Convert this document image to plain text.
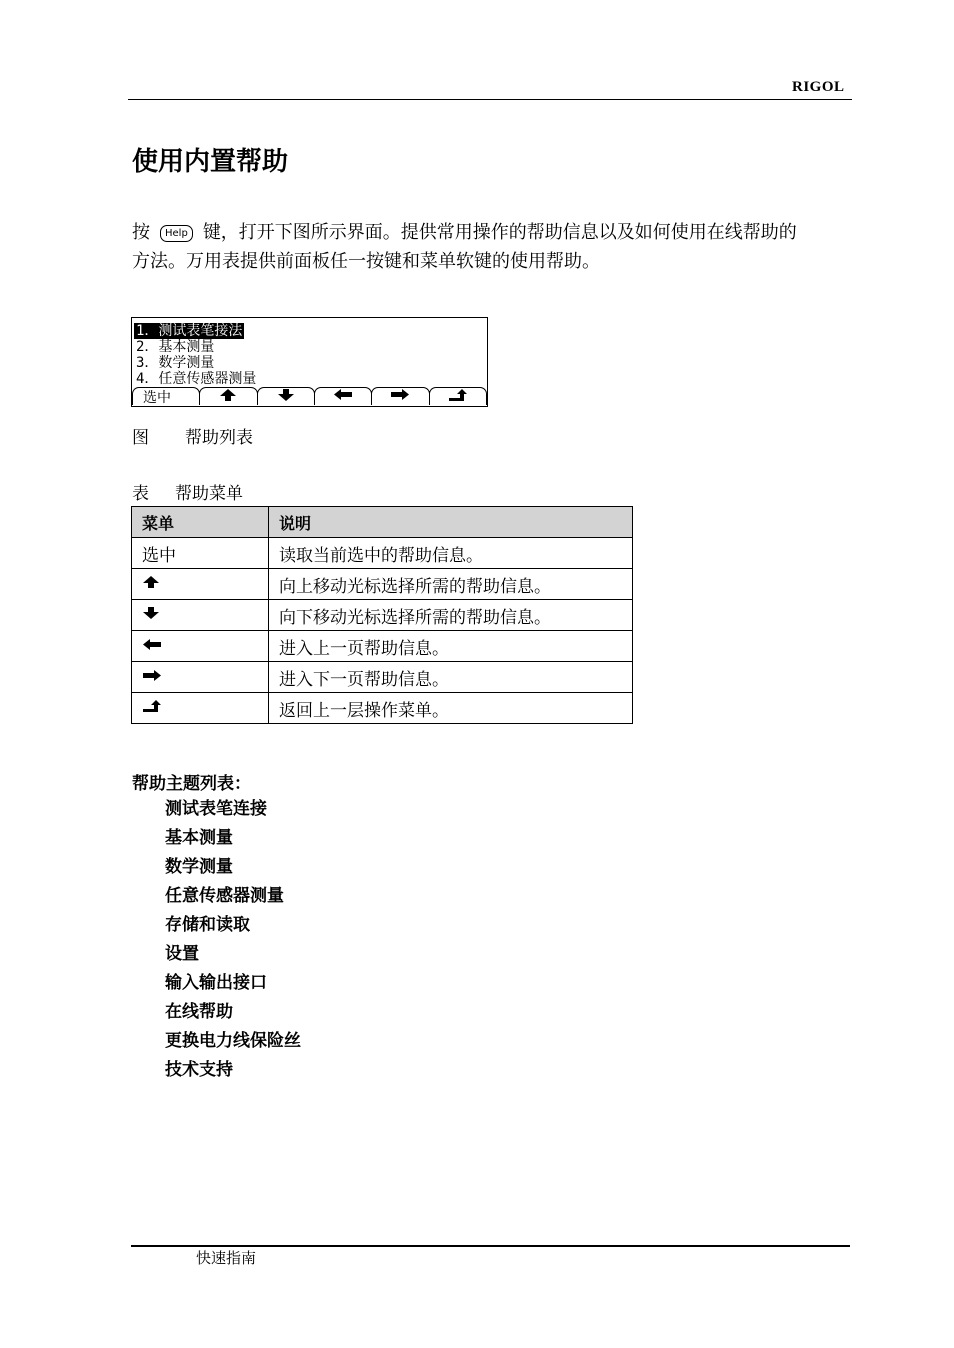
RIGOL
使用内置帮助
按 Help 键，打开下图所示界面。提供常用操作的帮助信息以及如何使用在线帮助的
方法。万用表提供前面板任一按键和菜单软键的使用帮助。
1．测试表笔接法

2．基本测量
3．数学测量
4．任意传感器测量
选中
图 帮助列表
表 帮助菜单
菜单	说明
选中	读取当前选中的帮助信息。
	向上移动光标选择所需的帮助信息。
	向下移动光标选择所需的帮助信息。
	进入上一页帮助信息。
	进入下一页帮助信息。
	返回上一层操作菜单。
帮助主题列表：
测试表笔连接
基本测量
数学测量
任意传感器测量
存储和读取
设置
输入输出接口
在线帮助
更换电力线保险丝
技术支持
快速指南
